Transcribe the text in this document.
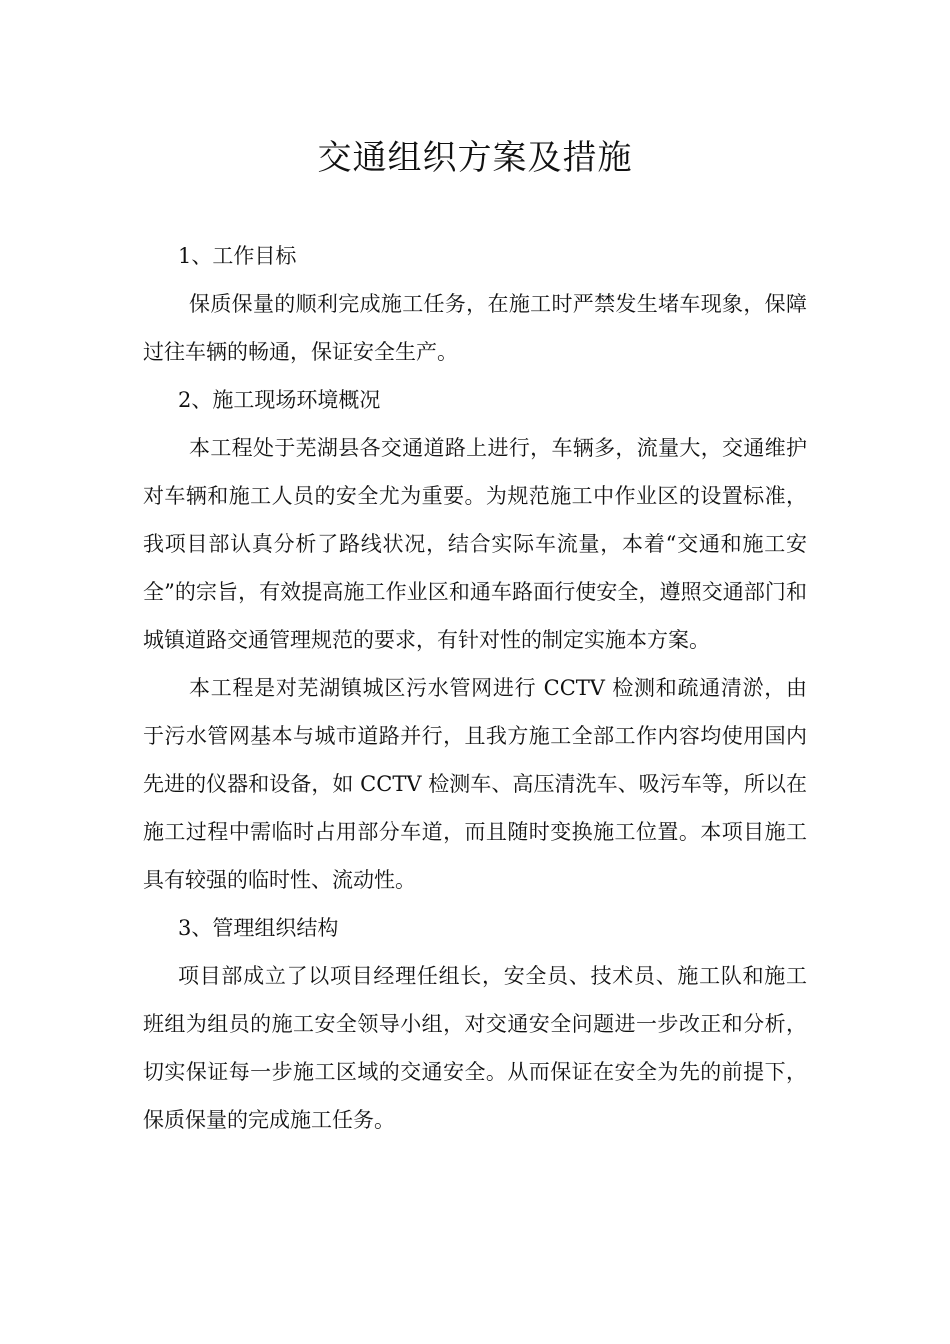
交通组织方案及措施

1、工作目标

保质保量的顺利完成施工任务，在施工时严禁发生堵车现象，保障过往车辆的畅通，保证安全生产。

2、施工现场环境概况

本工程处于芜湖县各交通道路上进行，车辆多，流量大，交通维护对车辆和施工人员的安全尤为重要。为规范施工中作业区的设置标准，我项目部认真分析了路线状况，结合实际车流量，本着“交通和施工安全”的宗旨，有效提高施工作业区和通车路面行使安全，遵照交通部门和城镇道路交通管理规范的要求，有针对性的制定实施本方案。

本工程是对芜湖镇城区污水管网进行 CCTV 检测和疏通清淤，由于污水管网基本与城市道路并行，且我方施工全部工作内容均使用国内先进的仪器和设备，如 CCTV 检测车、高压清洗车、吸污车等，所以在施工过程中需临时占用部分车道，而且随时变换施工位置。本项目施工具有较强的临时性、流动性。

3、管理组织结构

项目部成立了以项目经理任组长，安全员、技术员、施工队和施工班组为组员的施工安全领导小组，对交通安全问题进一步改正和分析，切实保证每一步施工区域的交通安全。从而保证在安全为先的前提下，保质保量的完成施工任务。
